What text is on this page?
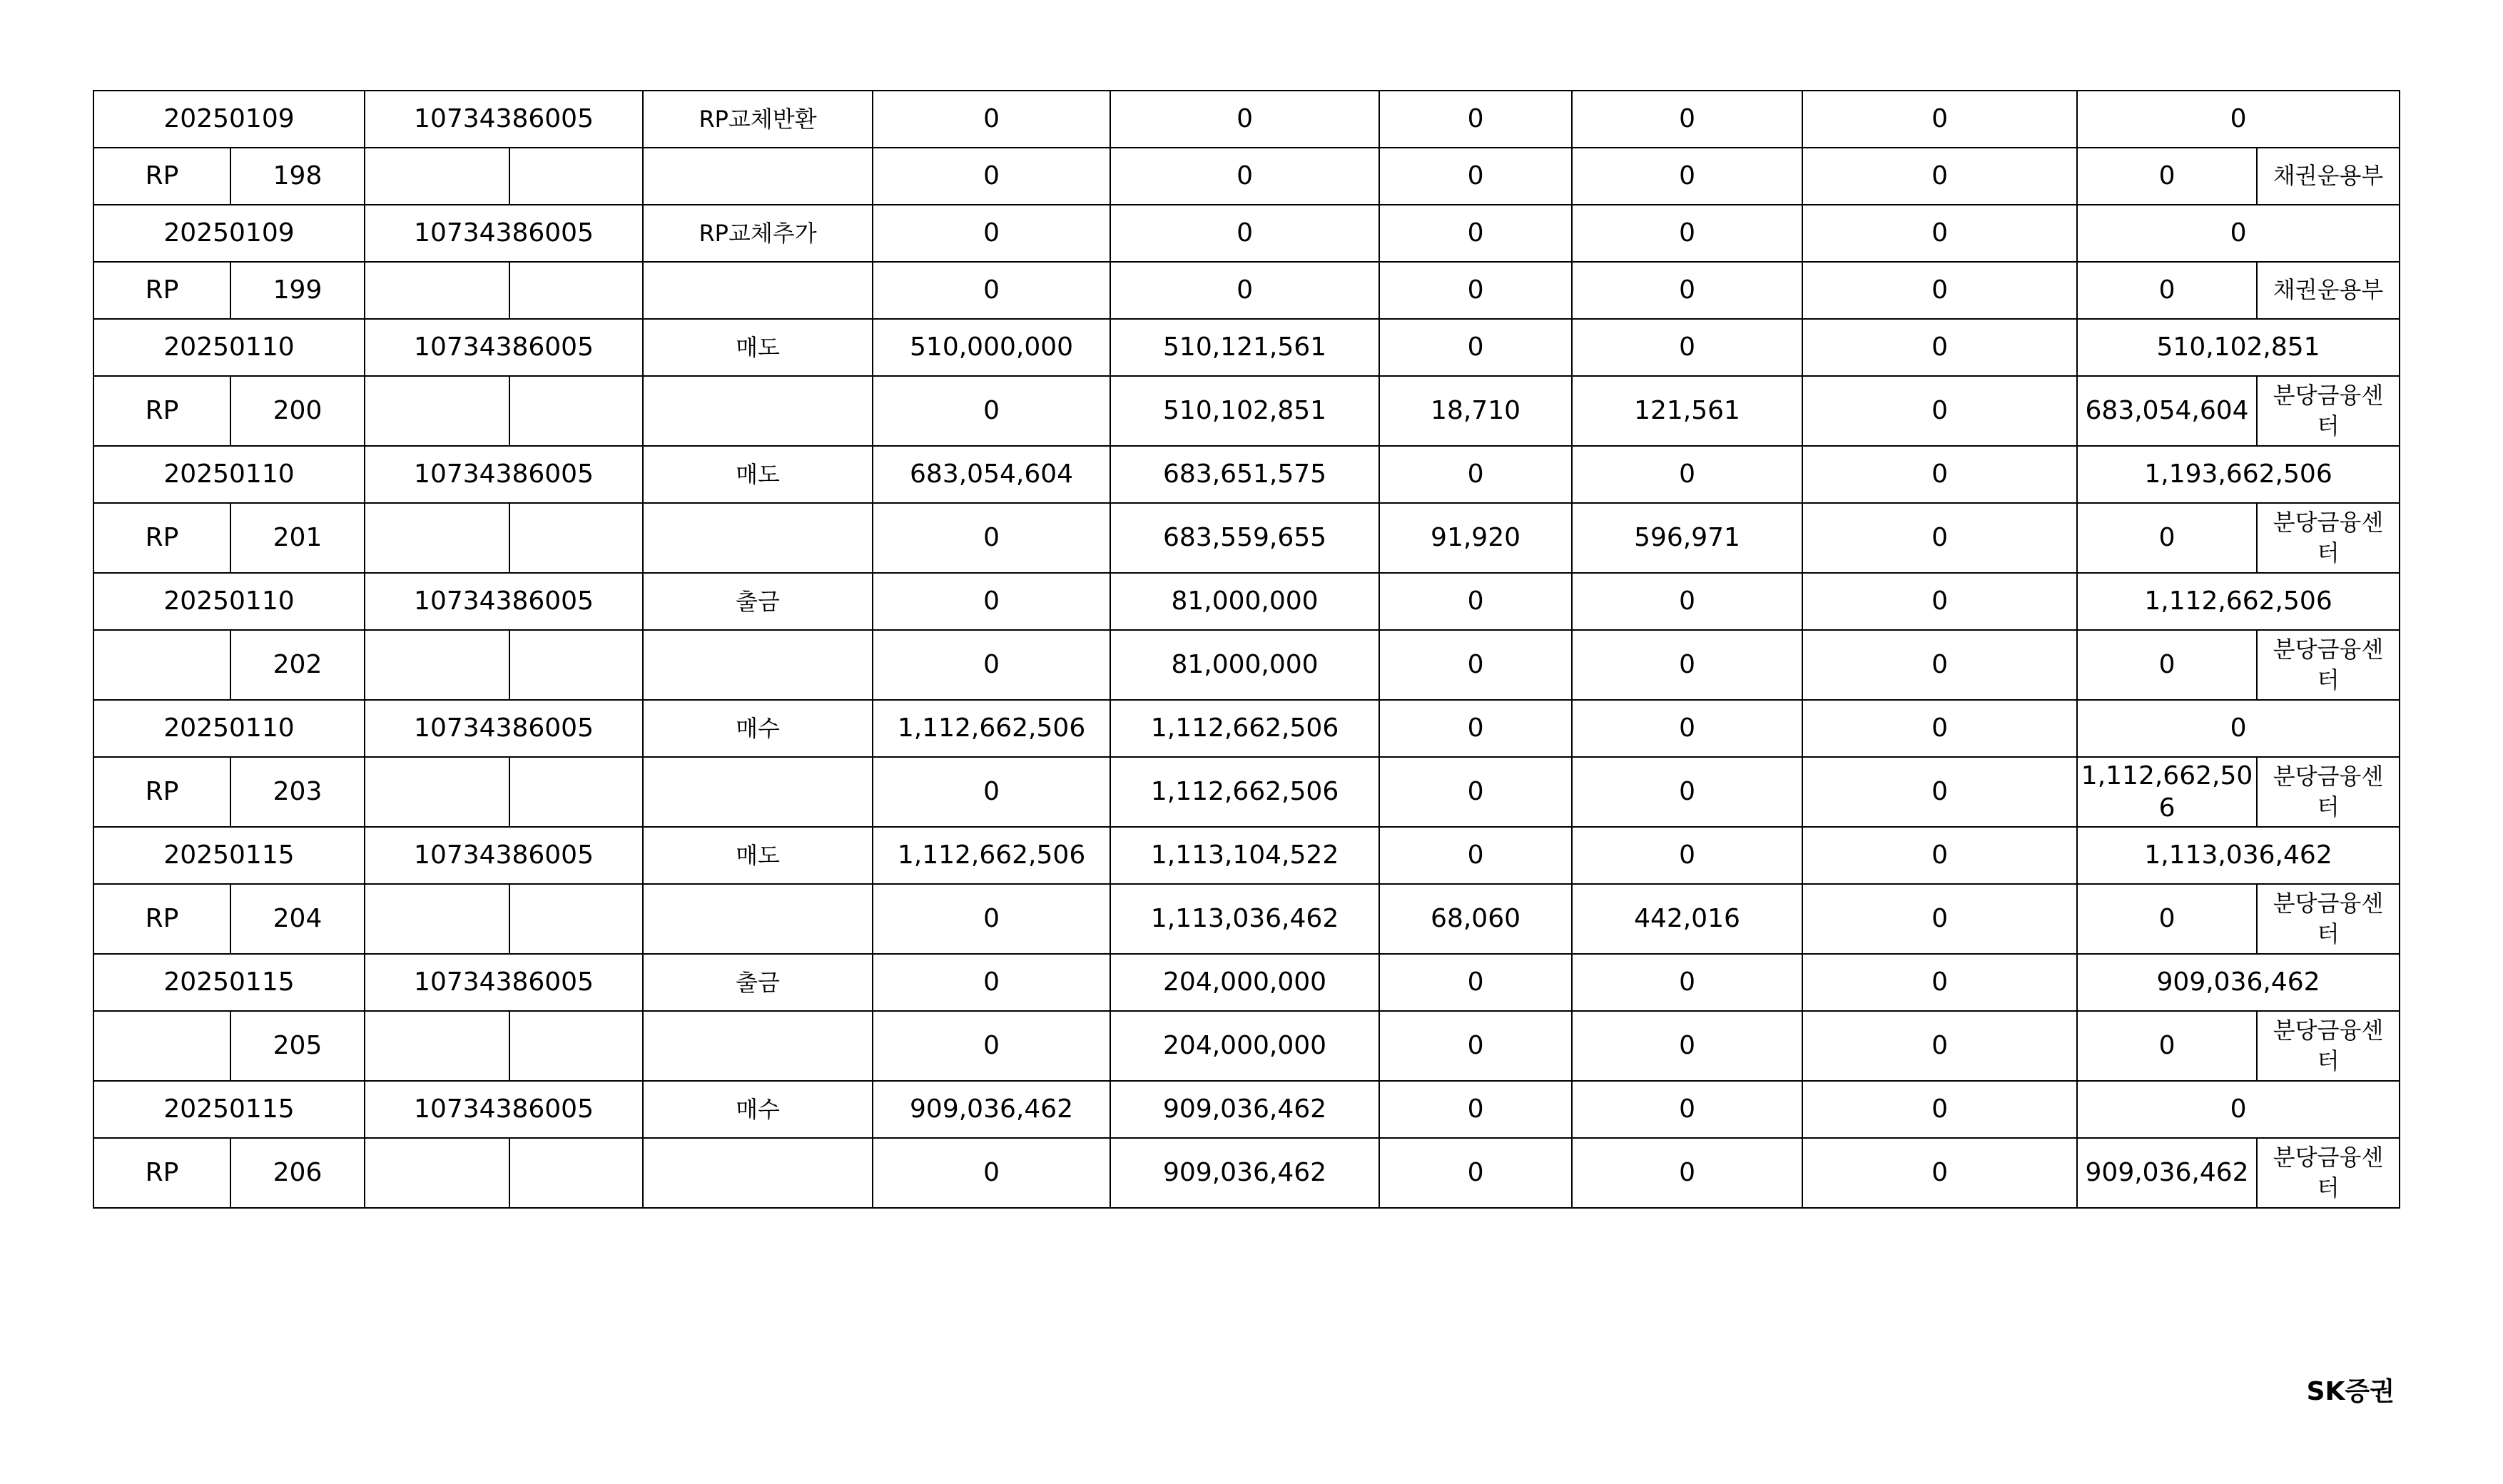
20250109		10734386005		RP교체반환	0	0	0	0	0	0	
RP	198				0	0	0	0	0	0	채권운용부
20250109		10734386005		RP교체추가	0	0	0	0	0	0	
RP	199				0	0	0	0	0	0	채권운용부
20250110		10734386005		매도	510,000,000	510,121,561	0	0	0	510,102,851	
RP	200				0	510,102,851	18,710	121,561	0	683,054,604	분당금융센터
20250110		10734386005		매도	683,054,604	683,651,575	0	0	0	1,193,662,506	
RP	201				0	683,559,655	91,920	596,971	0	0	분당금융센터
20250110		10734386005		출금	0	81,000,000	0	0	0	1,112,662,506	
	202				0	81,000,000	0	0	0	0	분당금융센터
20250110		10734386005		매수	1,112,662,506	1,112,662,506	0	0	0	0	
RP	203				0	1,112,662,506	0	0	0	1,112,662,506	분당금융센터
20250115		10734386005		매도	1,112,662,506	1,113,104,522	0	0	0	1,113,036,462	
RP	204				0	1,113,036,462	68,060	442,016	0	0	분당금융센터
20250115		10734386005		출금	0	204,000,000	0	0	0	909,036,462	
	205				0	204,000,000	0	0	0	0	분당금융센터
20250115		10734386005		매수	909,036,462	909,036,462	0	0	0	0	
RP	206				0	909,036,462	0	0	0	909,036,462	분당금융센터
SK증권
